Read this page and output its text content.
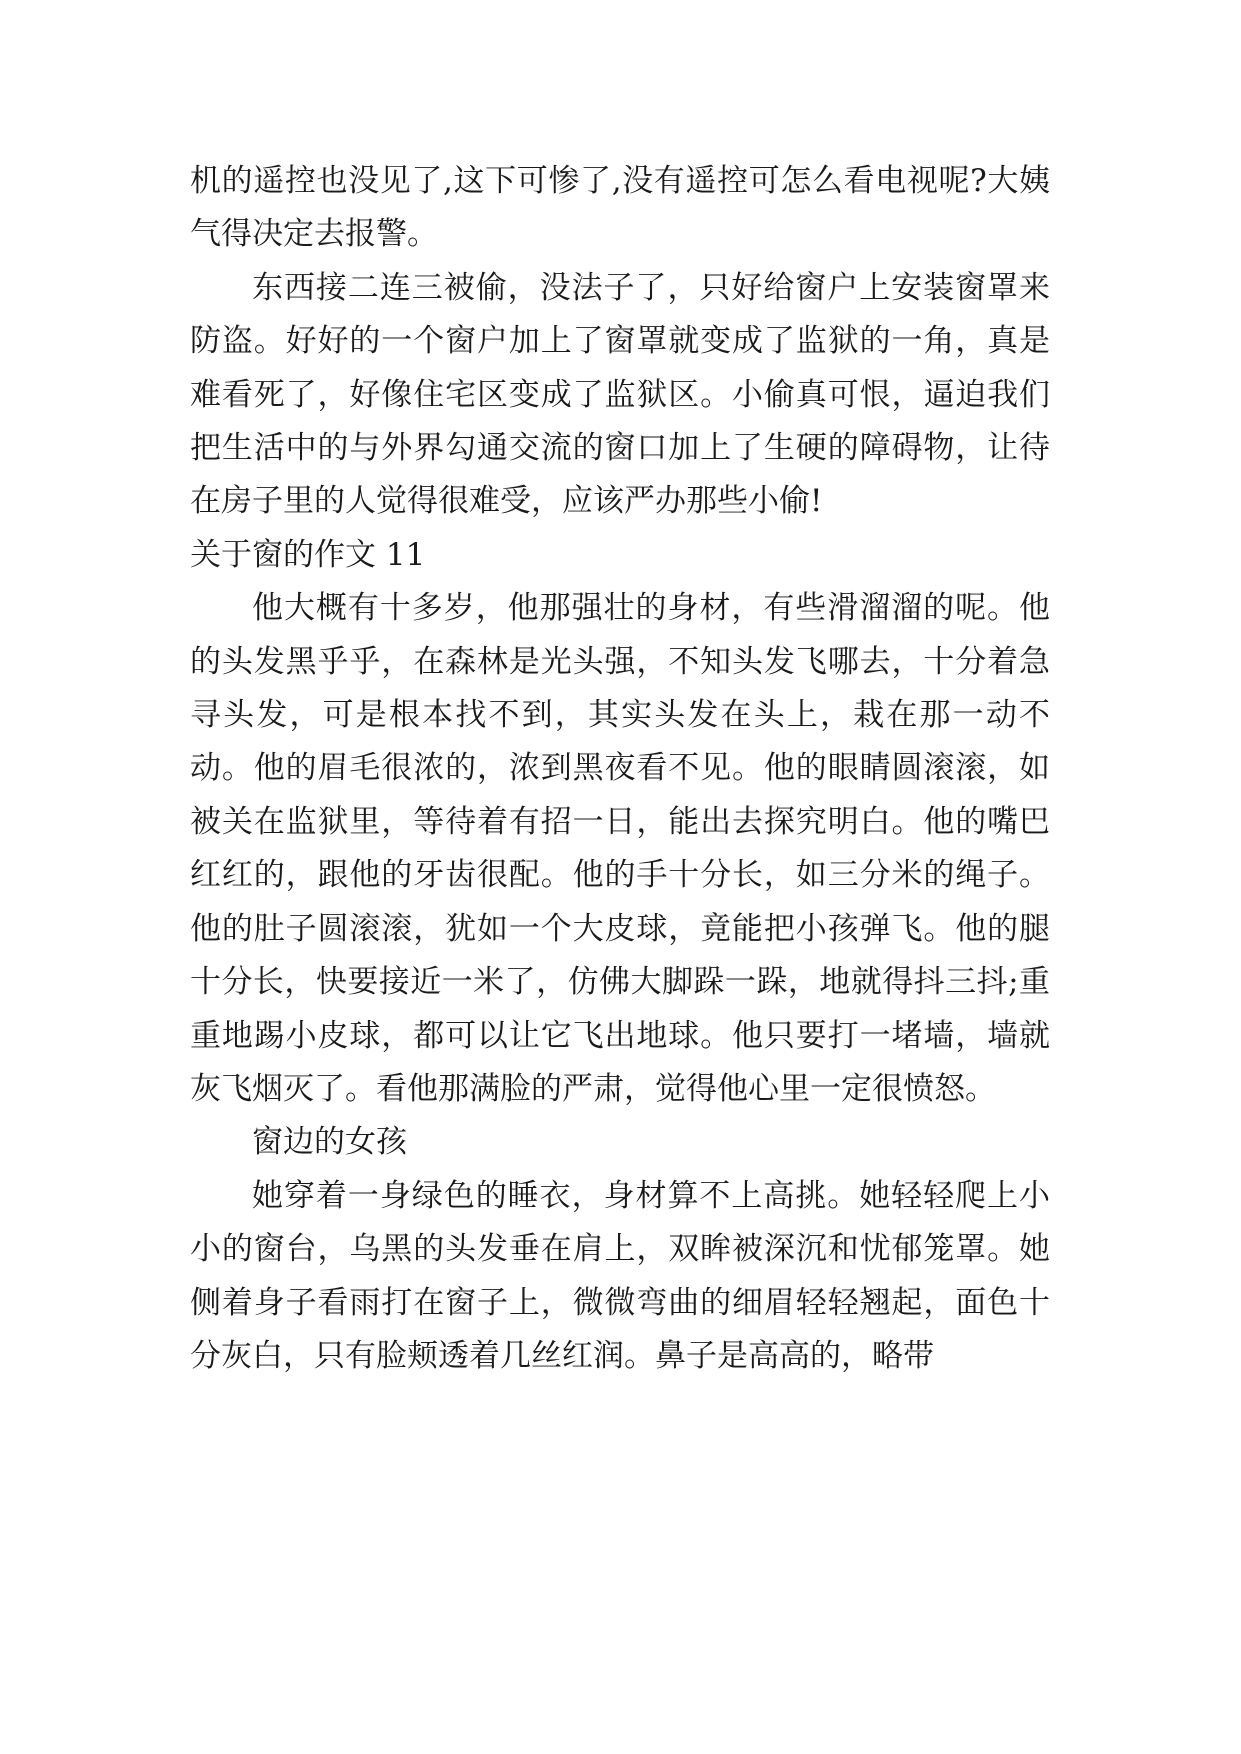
机的遥控也没见了,这下可惨了,没有遥控可怎么看电视呢?大姨气得决定去报警。

东西接二连三被偷，没法子了，只好给窗户上安装窗罩来防盗。好好的一个窗户加上了窗罩就变成了监狱的一角，真是难看死了，好像住宅区变成了监狱区。小偷真可恨，逼迫我们把生活中的与外界勾通交流的窗口加上了生硬的障碍物，让待在房子里的人觉得很难受，应该严办那些小偷!

关于窗的作文 11

他大概有十多岁，他那强壮的身材，有些滑溜溜的呢。他的头发黑乎乎，在森林是光头强，不知头发飞哪去，十分着急寻头发，可是根本找不到，其实头发在头上，栽在那一动不动。他的眉毛很浓的，浓到黑夜看不见。他的眼睛圆滚滚，如被关在监狱里，等待着有招一日，能出去探究明白。他的嘴巴红红的，跟他的牙齿很配。他的手十分长，如三分米的绳子。他的肚子圆滚滚，犹如一个大皮球，竟能把小孩弹飞。他的腿十分长，快要接近一米了，仿佛大脚跺一跺，地就得抖三抖;重重地踢小皮球，都可以让它飞出地球。他只要打一堵墙，墙就灰飞烟灭了。看他那满脸的严肃，觉得他心里一定很愤怒。

窗边的女孩

她穿着一身绿色的睡衣，身材算不上高挑。她轻轻爬上小小的窗台，乌黑的头发垂在肩上，双眸被深沉和忧郁笼罩。她侧着身子看雨打在窗子上，微微弯曲的细眉轻轻翘起，面色十分灰白，只有脸颊透着几丝红润。鼻子是高高的，略带
